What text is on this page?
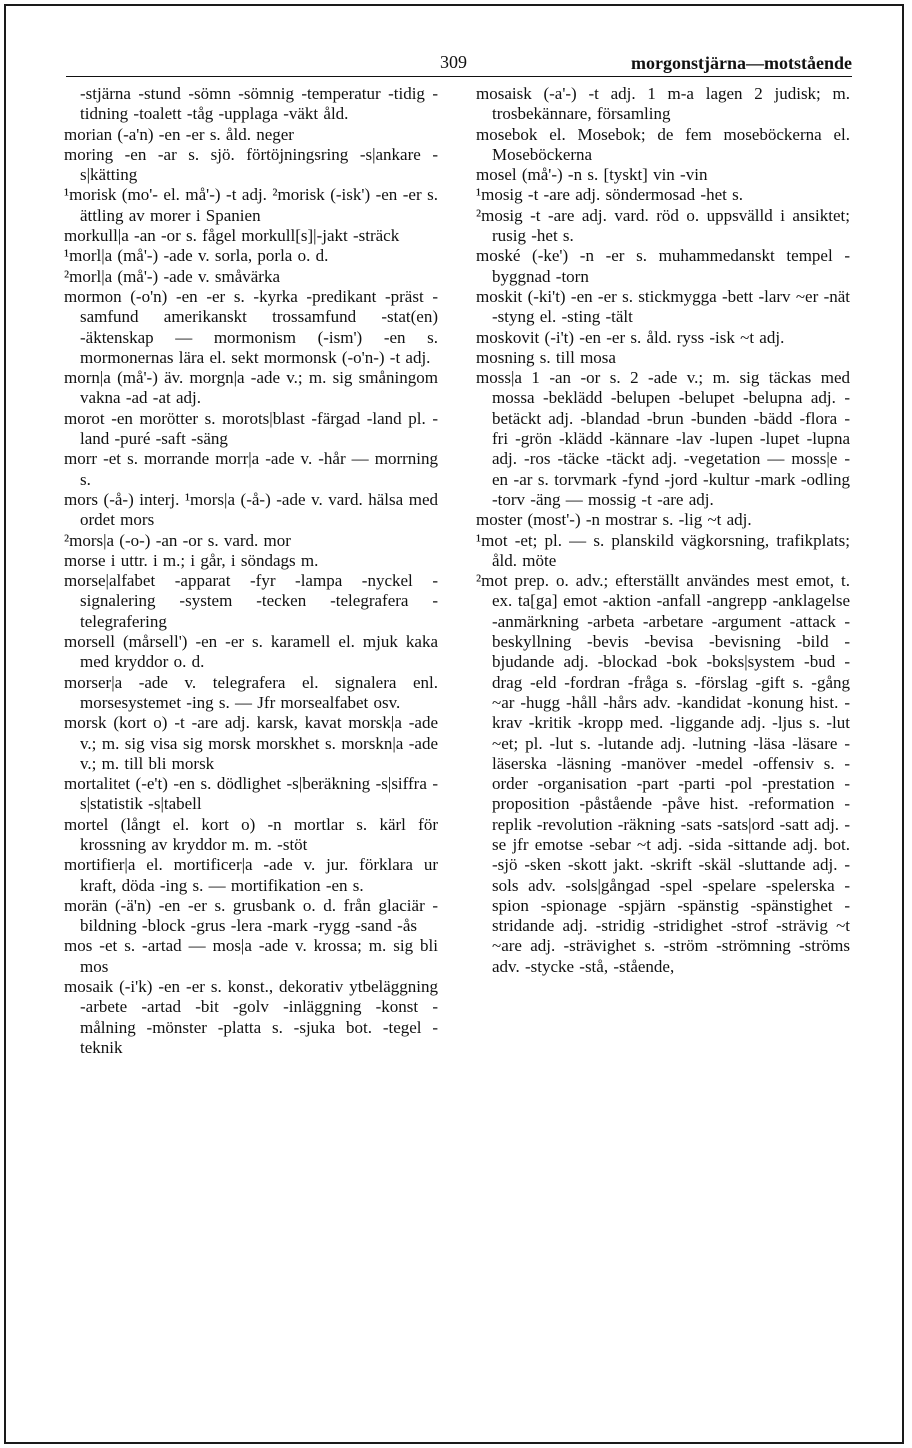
309	morgonstjärna—motstående

-stjärna -stund -sömn -sömnig -temperatur -tidig -tidning -toalett -tåg -upplaga -väkt åld.

morian (-a'n) -en -er s. åld. neger

moring -en -ar s. sjö. förtöjningsring -s|ankare -s|kätting

¹morisk (mo'- el. må'-) -t adj. ²morisk (-isk') -en -er s. ättling av morer i Spanien

morkull|a -an -or s. fågel morkull[s]|-jakt -sträck

¹morl|a (må'-) -ade v. sorla, porla o. d.

²morl|a (må'-) -ade v. småvärka

mormon (-o'n) -en -er s. -kyrka -predikant -präst -samfund amerikanskt trossamfund -stat(en) -äktenskap — mormonism (-ism') -en s. mormonernas lära el. sekt mormonsk (-o'n-) -t adj.

morn|a (må'-) äv. morgn|a -ade v.; m. sig småningom vakna -ad -at adj.

morot -en morötter s. morots|blast -färgad -land pl. -land -puré -saft -säng

morr -et s. morrande morr|a -ade v. -hår — morrning s.

mors (-å-) interj. ¹mors|a (-å-) -ade v. vard. hälsa med ordet mors

²mors|a (-o-) -an -or s. vard. mor

morse i uttr. i m.; i går, i söndags m.

morse|alfabet -apparat -fyr -lampa -nyckel -signalering -system -tecken -telegrafera -telegrafering

morsell (mårsell') -en -er s. karamell el. mjuk kaka med kryddor o. d.

morser|a -ade v. telegrafera el. signalera enl. morsesystemet -ing s. — Jfr morsealfabet osv.

morsk (kort o) -t -are adj. karsk, kavat morsk|a -ade v.; m. sig visa sig morsk morskhet s. morskn|a -ade v.; m. till bli morsk

mortalitet (-e't) -en s. dödlighet -s|beräkning -s|siffra -s|statistik -s|tabell

mortel (långt el. kort o) -n mortlar s. kärl för krossning av kryddor m. m. -stöt

mortifier|a el. mortificer|a -ade v. jur. förklara ur kraft, döda -ing s. — mortifikation -en s.

morän (-ä'n) -en -er s. grusbank o. d. från glaciär -bildning -block -grus -lera -mark -rygg -sand -ås

mos -et s. -artad — mos|a -ade v. krossa; m. sig bli mos

mosaik (-i'k) -en -er s. konst., dekorativ ytbeläggning -arbete -artad -bit -golv -inläggning -konst -målning -mönster -platta s. -sjuka bot. -tegel -teknik

mosaisk (-a'-) -t adj. 1 m-a lagen 2 judisk; m. trosbekännare, församling

mosebok el. Mosebok; de fem moseböckerna el. Moseböckerna

mosel (må'-) -n s. [tyskt] vin -vin

¹mosig -t -are adj. söndermosad -het s.

²mosig -t -are adj. vard. röd o. uppsvälld i ansiktet; rusig -het s.

moské (-ke') -n -er s. muhammedanskt tempel -byggnad -torn

moskit (-ki't) -en -er s. stickmygga -bett -larv ~er -nät -styng el. -sting -tält

moskovit (-i't) -en -er s. åld. ryss -isk ~t adj.

mosning s. till mosa

moss|a 1 -an -or s. 2 -ade v.; m. sig täckas med mossa -beklädd -belupen -belupet -belupna adj. -betäckt adj. -blandad -brun -bunden -bädd -flora -fri -grön -klädd -kännare -lav -lupen -lupet -lupna adj. -ros -täcke -täckt adj. -vegetation — moss|e -en -ar s. torvmark -fynd -jord -kultur -mark -odling -torv -äng — mossig -t -are adj.

moster (most'-) -n mostrar s. -lig ~t adj.

¹mot -et; pl. — s. planskild vägkorsning, trafikplats; åld. möte

²mot prep. o. adv.; efterställt användes mest emot, t. ex. ta[ga] emot -aktion -anfall -angrepp -anklagelse -anmärkning -arbeta -arbetare -argument -attack -beskyllning -bevis -bevisa -bevisning -bild -bjudande adj. -blockad -bok -boks|system -bud -drag -eld -fordran -fråga s. -förslag -gift s. -gång ~ar -hugg -håll -hårs adv. -kandidat -konung hist. -krav -kritik -kropp med. -liggande adj. -ljus s. -lut ~et; pl. -lut s. -lutande adj. -lutning -läsa -läsare -läserska -läsning -manöver -medel -offensiv s. -order -organisation -part -parti -pol -prestation -proposition -påstående -påve hist. -reformation -replik -revolution -räkning -sats -sats|ord -satt adj. -se jfr emotse -sebar ~t adj. -sida -sittande adj. bot. -sjö -sken -skott jakt. -skrift -skäl -sluttande adj. -sols adv. -sols|gångad -spel -spelare -spelerska -spion -spionage -spjärn -spänstig -spänstighet -stridande adj. -stridig -stridighet -strof -strävig ~t ~are adj. -strävighet s. -ström -strömning -ströms adv. -stycke -stå, -stående,
